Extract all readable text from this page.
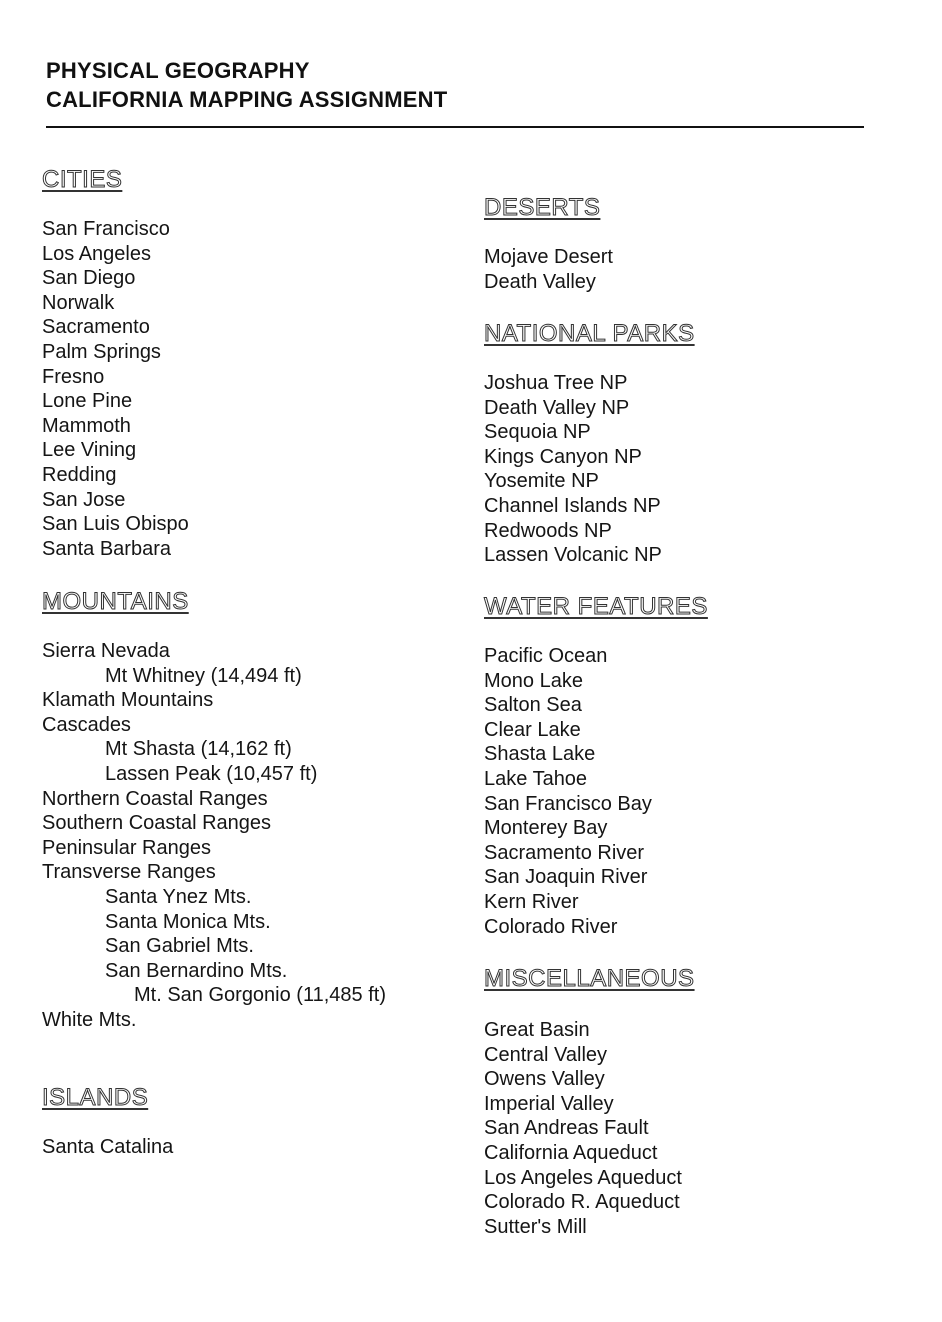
PHYSICAL GEOGRAPHY
CALIFORNIA MAPPING ASSIGNMENT
CITIES
San Francisco
Los Angeles
San Diego
Norwalk
Sacramento
Palm Springs
Fresno
Lone Pine
Mammoth
Lee Vining
Redding
San Jose
San Luis Obispo
Santa Barbara
MOUNTAINS
Sierra Nevada
Mt Whitney (14,494 ft)
Klamath Mountains
Cascades
Mt Shasta (14,162 ft)
Lassen Peak (10,457 ft)
Northern Coastal Ranges
Southern Coastal Ranges
Peninsular Ranges
Transverse Ranges
Santa Ynez Mts.
Santa Monica Mts.
San Gabriel Mts.
San Bernardino Mts.
Mt. San Gorgonio (11,485 ft)
White Mts.
ISLANDS
Santa Catalina
DESERTS
Mojave Desert
Death Valley
NATIONAL PARKS
Joshua Tree NP
Death Valley NP
Sequoia NP
Kings Canyon NP
Yosemite NP
Channel Islands NP
Redwoods NP
Lassen Volcanic NP
WATER FEATURES
Pacific Ocean
Mono Lake
Salton Sea
Clear Lake
Shasta Lake
Lake Tahoe
San Francisco Bay
Monterey Bay
Sacramento River
San Joaquin River
Kern River
Colorado River
MISCELLANEOUS
Great Basin
Central Valley
Owens Valley
Imperial Valley
San Andreas Fault
California Aqueduct
Los Angeles Aqueduct
Colorado R. Aqueduct
Sutter's Mill
